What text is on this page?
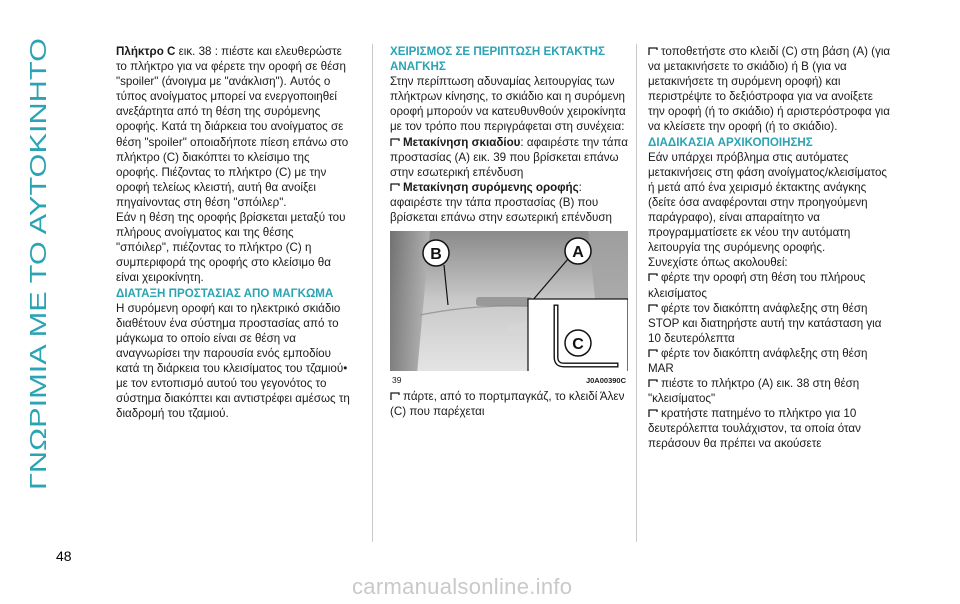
ΓΝΩΡΙΜΙΑ ΜΕ ΤΟ ΑΥΤΟΚΙΝΗΤΟ

Πλήκτρο C εικ. 38 : πιέστε και ελευθερώστε το πλήκτρο για να φέρετε την οροφή σε θέση "spoiler" (άνοιγμα με "ανάκλιση"). Αυτός ο τύπος ανοίγματος μπορεί να ενεργοποιηθεί ανεξάρτητα από τη θέση της συρόμενης οροφής. Κατά τη διάρκεια του ανοίγματος σε θέση "spoiler" οποιαδήποτε πίεση επάνω στο πλήκτρο (C) διακόπτει το κλείσιμο της οροφής. Πιέζοντας το πλήκτρο (C) με την οροφή τελείως κλειστή, αυτή θα ανοίξει πηγαίνοντας στη θέση "σπόιλερ".

Εάν η θέση της οροφής βρίσκεται μεταξύ του πλήρους ανοίγματος και της θέσης "σπόιλερ", πιέζοντας το πλήκτρο (C) η συμπεριφορά της οροφής στο κλείσιμο θα είναι χειροκίνητη.

ΔΙΑΤΑΞΗ ΠΡΟΣΤΑΣΙΑΣ ΑΠΟ ΜΑΓΚΩΜΑ

Η συρόμενη οροφή και το ηλεκτρικό σκιάδιο διαθέτουν ένα σύστημα προστασίας από το μάγκωμα το οποίο είναι σε θέση να αναγνωρίσει την παρουσία ενός εμποδίου κατά τη διάρκεια του κλεισίματος του τζαμιού• με τον εντοπισμό αυτού του γεγονότος το σύστημα διακόπτει και αντιστρέφει αμέσως τη διαδρομή του τζαμιού.

ΧΕΙΡΙΣΜΟΣ ΣΕ ΠΕΡΙΠΤΩΣΗ ΕΚΤΑΚΤΗΣ ΑΝΑΓΚΗΣ

Στην περίπτωση αδυναμίας λειτουργίας των πλήκτρων κίνησης, το σκιάδιο και η συρόμενη οροφή μπορούν να κατευθυνθούν χειροκίνητα με τον τρόπο που περιγράφεται στη συνέχεια:

Μετακίνηση σκιαδίου: αφαιρέστε την τάπα προστασίας (A) εικ. 39 που βρίσκεται επάνω στην εσωτερική επένδυση

Μετακίνηση συρόμενης οροφής: αφαιρέστε την τάπα προστασίας (B) που βρίσκεται επάνω στην εσωτερική επένδυση

B	A
C
39	J0A00390C

πάρτε, από το πορτμπαγκάζ, το κλειδί Άλεν (C) που παρέχεται

τοποθετήστε στο κλειδί (C) στη βάση (A) (για να μετακινήσετε το σκιάδιο) ή B (για να μετακινήσετε τη συρόμενη οροφή) και περιστρέψτε το δεξιόστροφα για να ανοίξετε την οροφή (ή το σκιάδιο) ή αριστερόστροφα για να κλείσετε την οροφή (ή το σκιάδιο).

ΔΙΑΔΙΚΑΣΙΑ ΑΡΧΙΚΟΠΟΙΗΣΗΣ

Εάν υπάρχει πρόβλημα στις αυτόματες μετακινήσεις στη φάση ανοίγματος/κλεισίματος ή μετά από ένα χειρισμό έκτακτης ανάγκης (δείτε όσα αναφέρονται στην προηγούμενη παράγραφο), είναι απαραίτητο να προγραμματίσετε εκ νέου την αυτόματη λειτουργία της συρόμενης οροφής.

Συνεχίστε όπως ακολουθεί:

φέρτε την οροφή στη θέση του πλήρους κλεισίματος

φέρτε τον διακόπτη ανάφλεξης στη θέση STOP και διατηρήστε αυτή την κατάσταση για 10 δευτερόλεπτα

φέρτε τον διακόπτη ανάφλεξης στη θέση MAR

πιέστε το πλήκτρο (A) εικ. 38 στη θέση "κλεισίματος"

κρατήστε πατημένο το πλήκτρο για 10 δευτερόλεπτα τουλάχιστον, τα οποία όταν περάσουν θα πρέπει να ακούσετε

48
carmanualsonline.info
